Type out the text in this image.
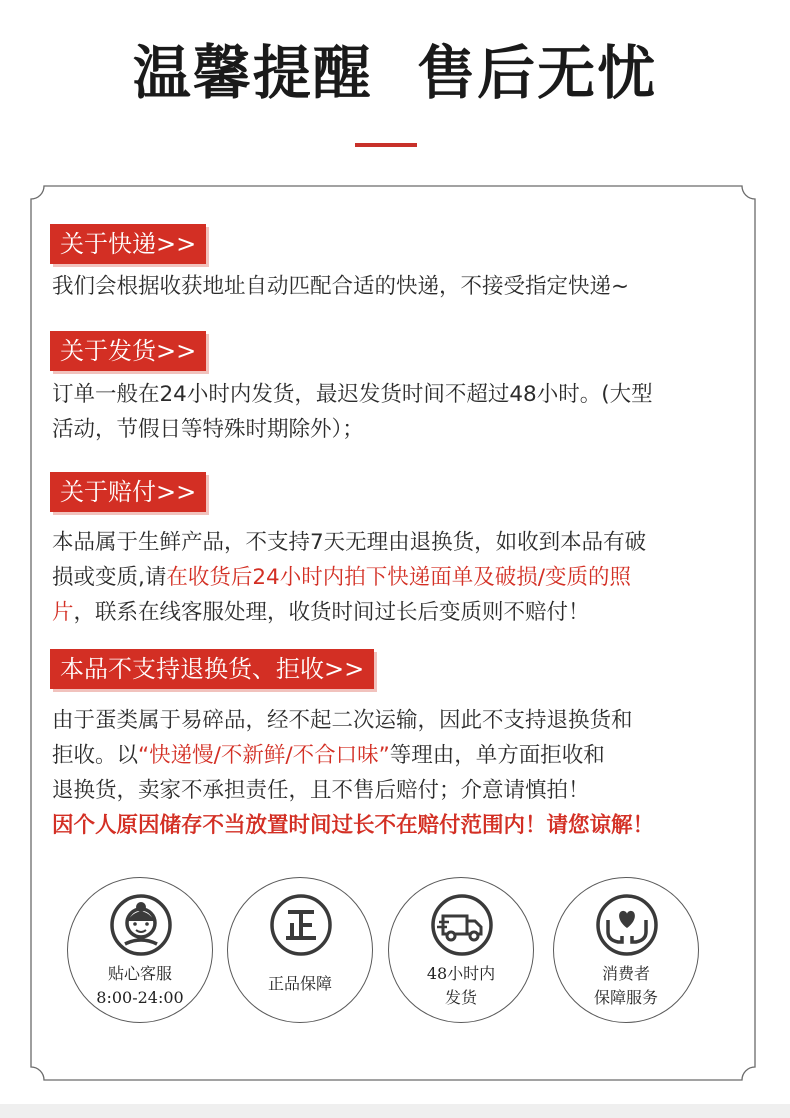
温馨提醒  售后无忧
关于快递>>
我们会根据收获地址自动匹配合适的快递，不接受指定快递~
关于发货>>
订单一般在24小时内发货，最迟发货时间不超过48小时。(大型
活动，节假日等特殊时期除外）；
关于赔付>>
本品属于生鲜产品，不支持7天无理由退换货，如收到本品有破
损或变质,请在收货后24小时内拍下快递面单及破损/变质的照
片，联系在线客服处理，收货时间过长后变质则不赔付！
本品不支持退换货、拒收>>
由于蛋类属于易碎品，经不起二次运输，因此不支持退换货和
拒收。以“快递慢/不新鲜/不合口味”等理由，单方面拒收和
退换货，卖家不承担责任，且不售后赔付；介意请慎拍！
因个人原因储存不当放置时间过长不在赔付范围内！请您谅解！
贴心客服
8:00-24:00
正品保障
48小时内
发货
消费者
保障服务
